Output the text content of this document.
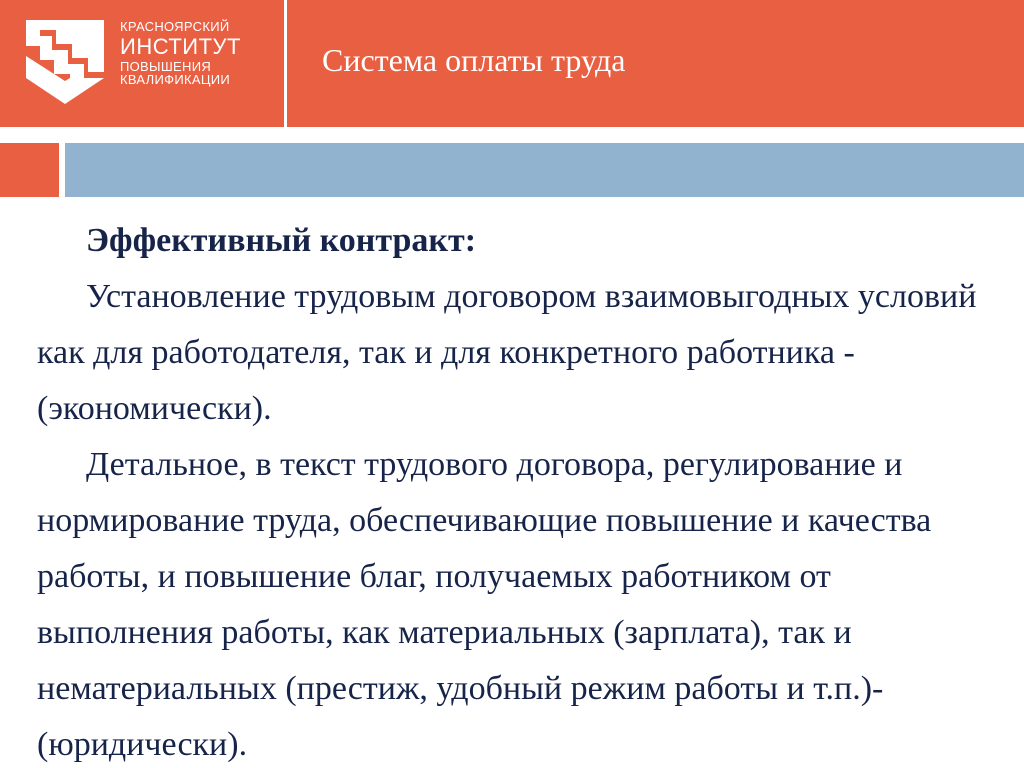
КРАСНОЯРСКИЙ
ИНСТИТУТ
ПОВЫШЕНИЯ
КВАЛИФИКАЦИИ
Система оплаты труда

Эффективный контракт:

Установление трудовым договором взаимовыгодных условий как для работодателя, так и для конкретного работника - (экономически).

Детальное, в текст трудового договора, регулирование и нормирование труда, обеспечивающие повышение и качества работы, и повышение благ, получаемых работником от выполнения работы, как материальных (зарплата), так и нематериальных (престиж, удобный режим работы и т.п.)- (юридически).
